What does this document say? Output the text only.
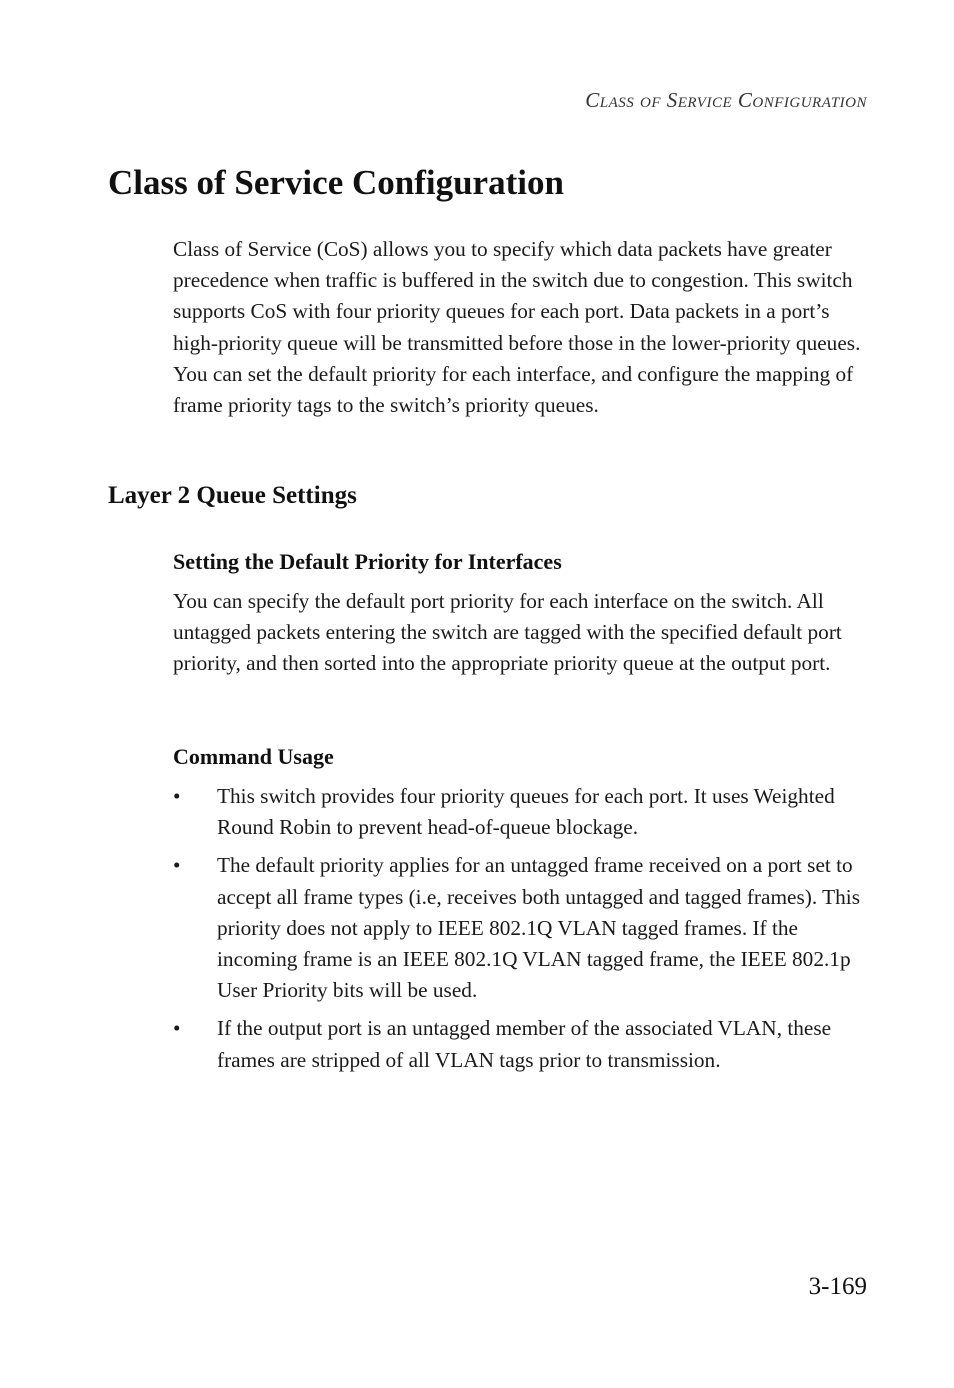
Class of Service Configuration
Class of Service Configuration

Class of Service (CoS) allows you to specify which data packets have greater precedence when traffic is buffered in the switch due to congestion. This switch supports CoS with four priority queues for each port. Data packets in a port’s high-priority queue will be transmitted before those in the lower-priority queues. You can set the default priority for each interface, and configure the mapping of frame priority tags to the switch’s priority queues.

Layer 2 Queue Settings
Setting the Default Priority for Interfaces

You can specify the default port priority for each interface on the switch. All untagged packets entering the switch are tagged with the specified default port priority, and then sorted into the appropriate priority queue at the output port.

Command Usage
• This switch provides four priority queues for each port. It uses Weighted Round Robin to prevent head-of-queue blockage.
• The default priority applies for an untagged frame received on a port set to accept all frame types (i.e, receives both untagged and tagged frames). This priority does not apply to IEEE 802.1Q VLAN tagged frames. If the incoming frame is an IEEE 802.1Q VLAN tagged frame, the IEEE 802.1p User Priority bits will be used.
• If the output port is an untagged member of the associated VLAN, these frames are stripped of all VLAN tags prior to transmission.
3-169
